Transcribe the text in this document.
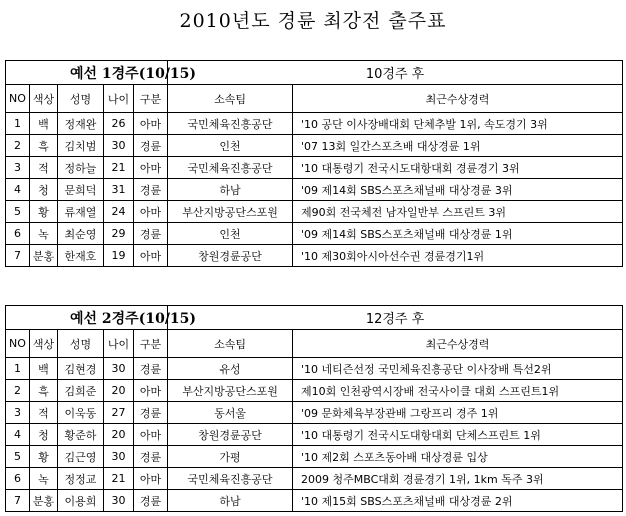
2010년도 경륜 최강전 출주표
예선 1경주(10/15)					10경주 후	
NO	색상	성명	나이	구분	소속팀	최근수상경력
1	백	정재완	26	아마	국민체육진흥공단	'10 공단 이사장배대회 단체추발 1위, 속도경기 3위
2	흑	김치범	30	경륜	인천	'07 13회 일간스포츠배 대상경륜 1위
3	적	정하늘	21	아마	국민체육진흥공단	'10 대통령기 전국시도대항대회 경륜경기 3위
4	청	문희덕	31	경륜	하남	'09 제14회 SBS스포츠채널배 대상경륜 3위
5	황	류재열	24	아마	부산지방공단스포원	제90회 전국체전 남자일반부 스프린트 3위
6	녹	최순영	29	경륜	인천	'09 제14회 SBS스포츠채널배 대상경륜 1위
7	분홍	한재호	19	아마	창원경륜공단	'10 제30회아시아선수권 경륜경기1위
예선 2경주(10/15)					12경주 후	
NO	색상	성명	나이	구분	소속팀	최근수상경력
1	백	김현경	30	경륜	유성	'10 네티즌선정 국민체육진흥공단 이사장배 특선2위
2	흑	김희준	20	아마	부산지방공단스포원	제10회 인천광역시장배 전국사이클 대회 스프린트1위
3	적	이욱동	27	경륜	동서울	'09 문화체육부장관배 그랑프리 경주 1위
4	청	황준하	20	아마	창원경륜공단	'10 대통령기 전국시도대항대회 단체스프린트 1위
5	황	김근영	30	경륜	가평	'10 제2회 스포츠동아배 대상경륜 입상
6	녹	정정교	21	아마	국민체육진흥공단	2009 청주MBC대회 경륜경기 1위, 1km 독주 3위
7	분홍	이용희	30	경륜	하남	'10 제15회 SBS스포츠채널배 대상경륜 2위
